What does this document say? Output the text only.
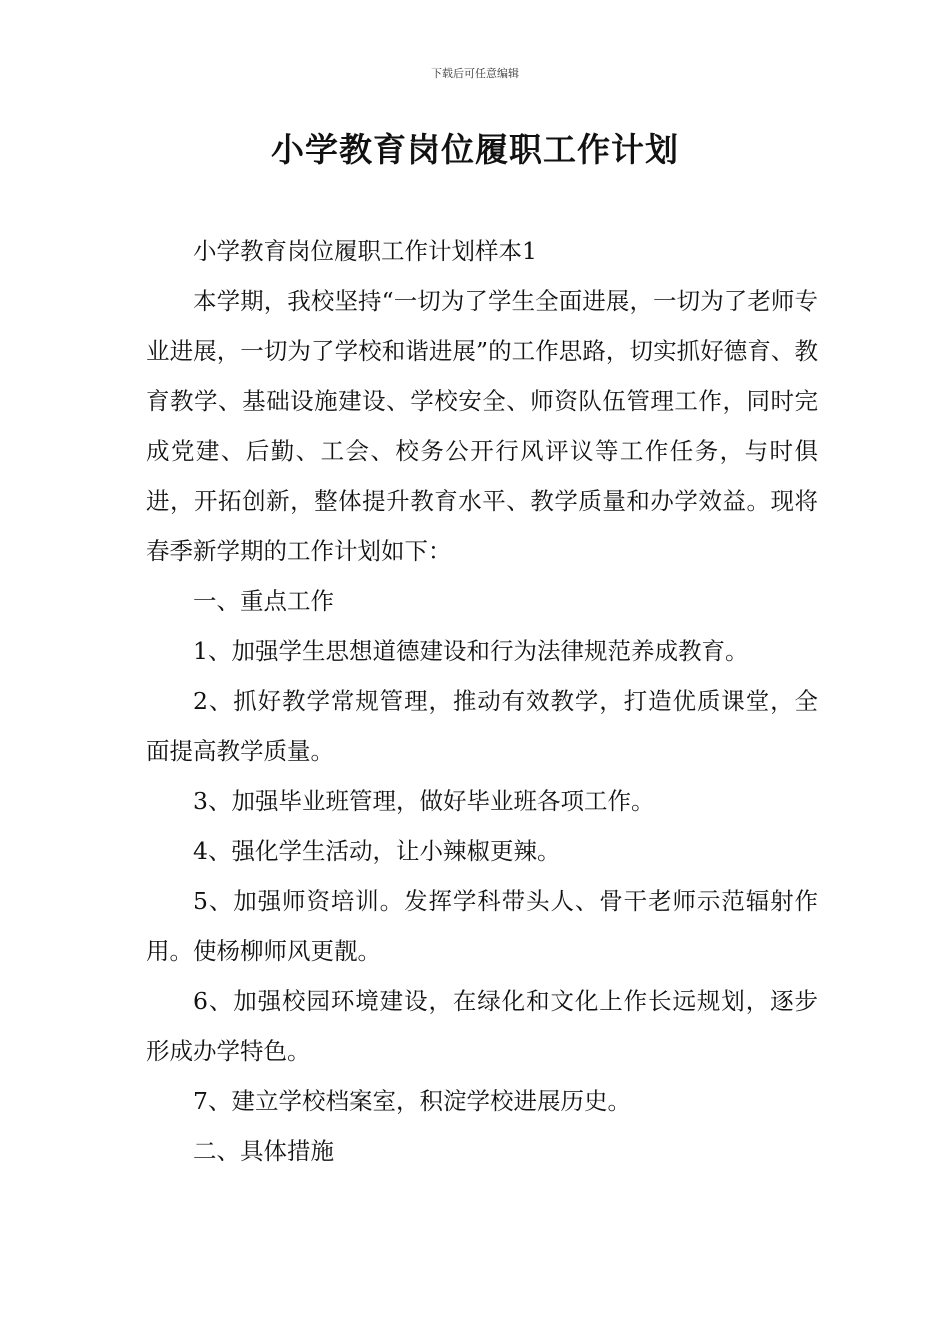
下载后可任意编辑
小学教育岗位履职工作计划

小学教育岗位履职工作计划样本1

本学期，我校坚持“一切为了学生全面进展，一切为了老师专业进展，一切为了学校和谐进展”的工作思路，切实抓好德育、教育教学、基础设施建设、学校安全、师资队伍管理工作，同时完成党建、后勤、工会、校务公开行风评议等工作任务，与时俱进，开拓创新，整体提升教育水平、教学质量和办学效益。现将春季新学期的工作计划如下：

一、重点工作

1、加强学生思想道德建设和行为法律规范养成教育。

2、抓好教学常规管理，推动有效教学，打造优质课堂，全面提高教学质量。

3、加强毕业班管理，做好毕业班各项工作。

4、强化学生活动，让小辣椒更辣。

5、加强师资培训。发挥学科带头人、骨干老师示范辐射作用。使杨柳师风更靓。

6、加强校园环境建设，在绿化和文化上作长远规划，逐步形成办学特色。

7、建立学校档案室，积淀学校进展历史。

二、具体措施
